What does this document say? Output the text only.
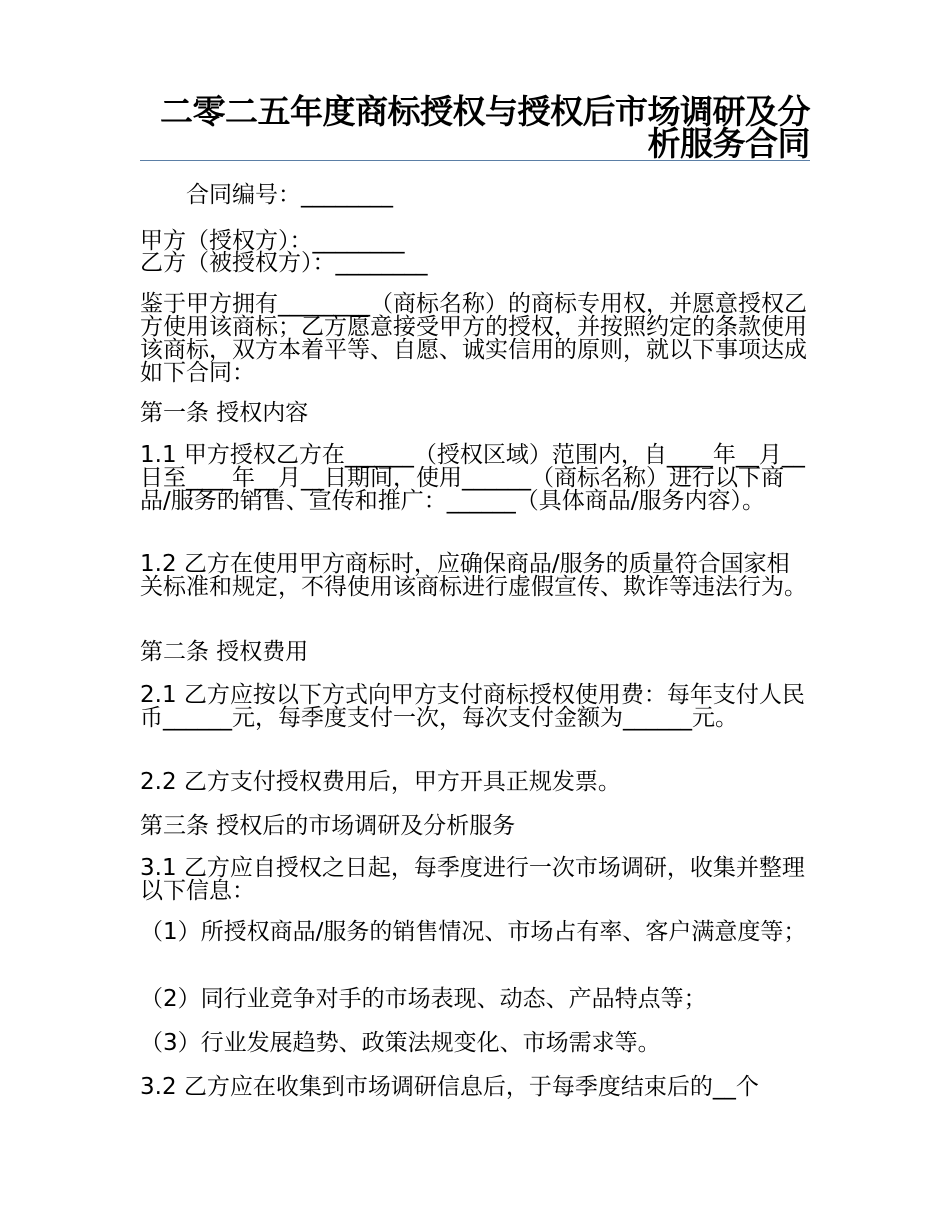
二零二五年度商标授权与授权后市场调研及分析服务合同

合同编号：________

甲方（授权方）：________

乙方（被授权方）：________

鉴于甲方拥有________（商标名称）的商标专用权，并愿意授权乙方使用该商标；乙方愿意接受甲方的授权，并按照约定的条款使用该商标，双方本着平等、自愿、诚实信用的原则，就以下事项达成如下合同：

第一条 授权内容

1.1 甲方授权乙方在______（授权区域）范围内，自____年__月__日至____年__月__日期间，使用______（商标名称）进行以下商品/服务的销售、宣传和推广：______（具体商品/服务内容）。

1.2 乙方在使用甲方商标时，应确保商品/服务的质量符合国家相关标准和规定，不得使用该商标进行虚假宣传、欺诈等违法行为。

第二条 授权费用

2.1 乙方应按以下方式向甲方支付商标授权使用费：每年支付人民币______元，每季度支付一次，每次支付金额为______元。

2.2 乙方支付授权费用后，甲方开具正规发票。

第三条 授权后的市场调研及分析服务

3.1 乙方应自授权之日起，每季度进行一次市场调研，收集并整理以下信息：

（1）所授权商品/服务的销售情况、市场占有率、客户满意度等；

（2）同行业竞争对手的市场表现、动态、产品特点等；

（3）行业发展趋势、政策法规变化、市场需求等。

3.2 乙方应在收集到市场调研信息后，于每季度结束后的__个
